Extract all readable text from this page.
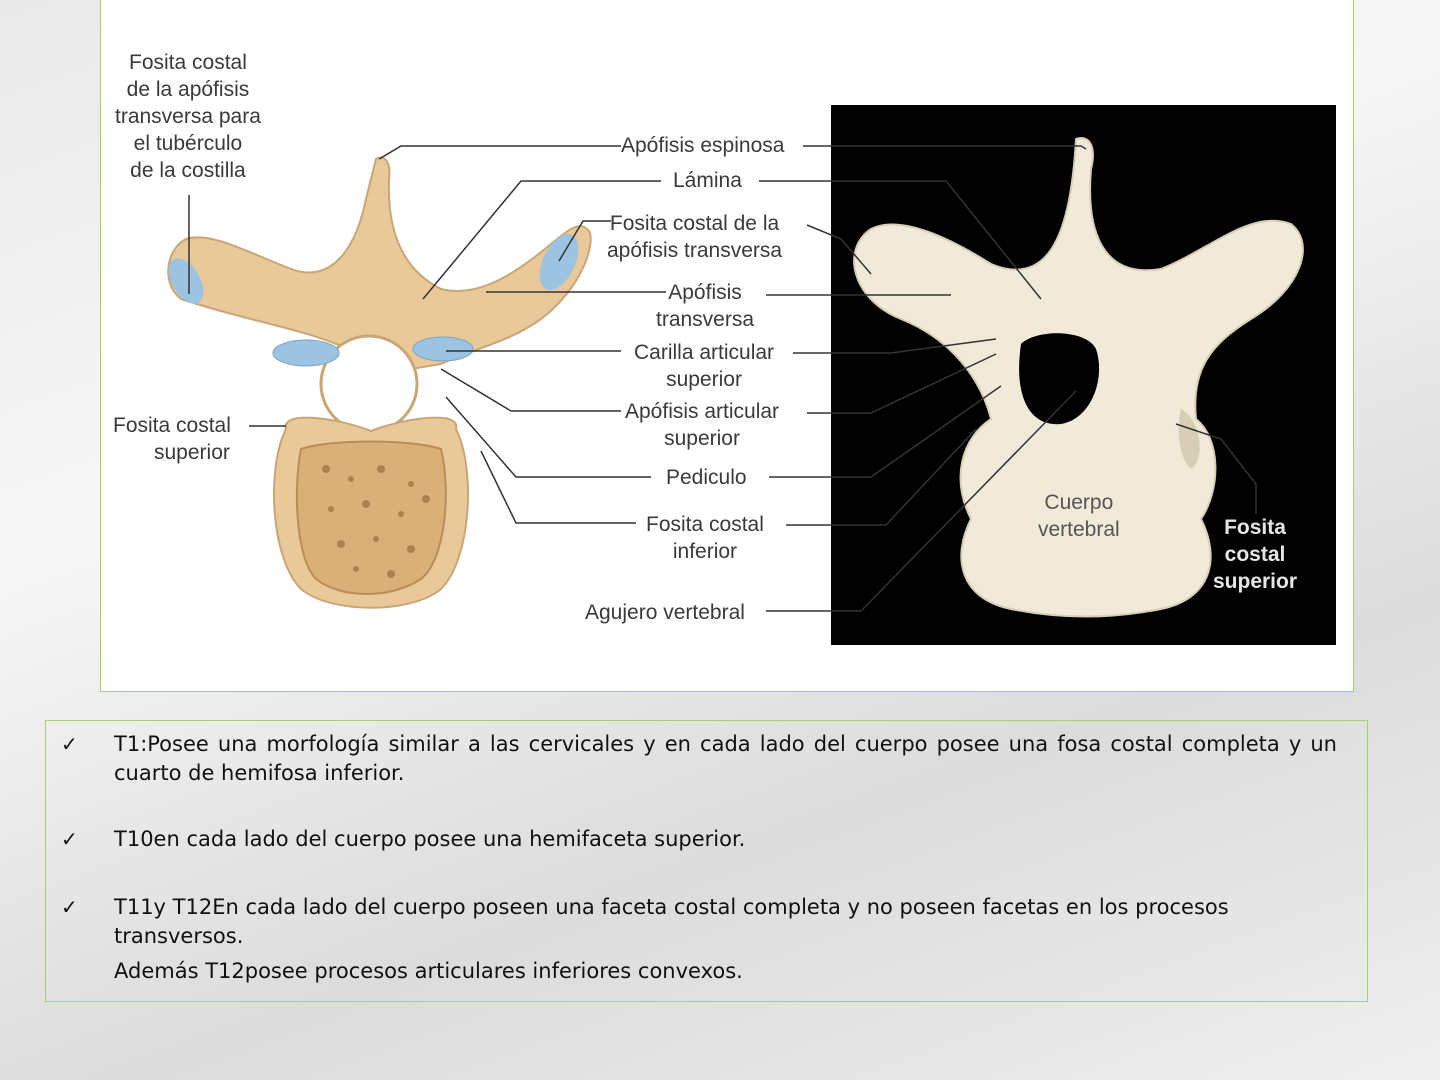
Fosita costal
de la apófisis
transversa para
el tubérculo
de la costilla
Apófisis espinosa
Lámina
Fosita costal de la
apófisis transversa
Apófisis
transversa
Carilla articular
superior
Apófisis articular
superior
Pediculo
Fosita costal
inferior
Agujero vertebral
Fosita costal
superior
Cuerpo
vertebral	Fosita
costal
superior
✓ T1:Posee una morfología similar a las cervicales y en cada lado del cuerpo posee una fosa costal completa y un cuarto de hemifosa inferior.
✓ T10en cada lado del cuerpo posee una hemifaceta superior.
✓ T11y T12En cada lado del cuerpo poseen una faceta costal completa y no poseen facetas en los procesos transversos.
Además T12posee procesos articulares inferiores convexos.
